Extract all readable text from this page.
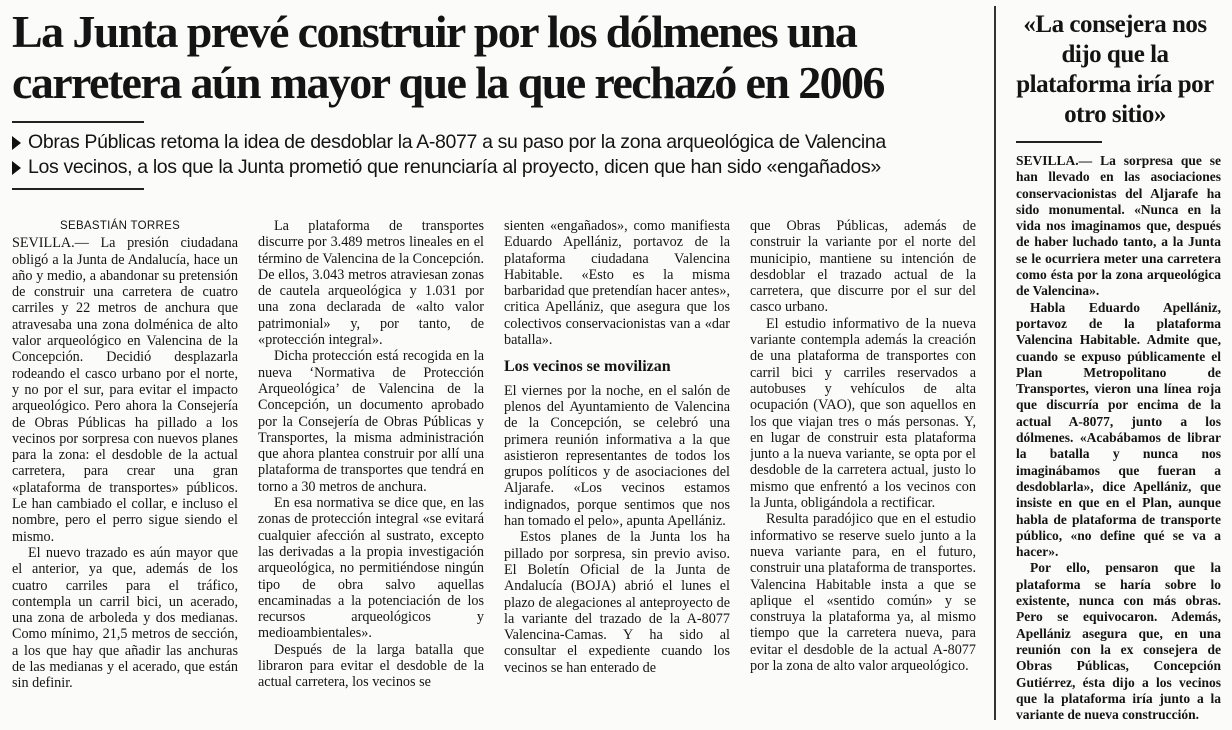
La Junta prevé construir por los dólmenes una
carretera aún mayor que la que rechazó en 2006
Obras Públicas retoma la idea de desdoblar la A-8077 a su paso por la zona arqueológica de Valencina
Los vecinos, a los que la Junta prometió que renunciaría al proyecto, dicen que han sido «engañados»
SEBASTIÁN TORRES

SEVILLA.— La presión ciudadana obligó a la Junta de Andalucía, hace un año y medio, a abandonar su pretensión de construir una carretera de cuatro carriles y 22 metros de anchura que atravesaba una zona dolménica de alto valor arqueológico en Valencina de la Concepción. Decidió desplazarla rodeando el casco urbano por el norte, y no por el sur, para evitar el impacto arqueológico. Pero ahora la Consejería de Obras Públicas ha pillado a los vecinos por sorpresa con nuevos planes para la zona: el desdoble de la actual carretera, para crear una gran «plataforma de transportes» públicos. Le han cambiado el collar, e incluso el nombre, pero el perro sigue siendo el mismo.

El nuevo trazado es aún mayor que el anterior, ya que, además de los cuatro carriles para el tráfico, contempla un carril bici, un acerado, una zona de arboleda y dos medianas. Como mínimo, 21,5 metros de sección, a los que hay que añadir las anchuras de las medianas y el acerado, que están sin definir.

La plataforma de transportes discurre por 3.489 metros lineales en el término de Valencina de la Concepción. De ellos, 3.043 metros atraviesan zonas de cautela arqueológica y 1.031 por una zona declarada de «alto valor patrimonial» y, por tanto, de «protección integral».

Dicha protección está recogida en la nueva ‘Normativa de Protección Arqueológica’ de Valencina de la Concepción, un documento aprobado por la Consejería de Obras Públicas y Transportes, la misma administración que ahora plantea construir por allí una plataforma de transportes que tendrá en torno a 30 metros de anchura.

En esa normativa se dice que, en las zonas de protección integral «se evitará cualquier afección al sustrato, excepto las derivadas a la propia investigación arqueológica, no permitiéndose ningún tipo de obra salvo aquellas encaminadas a la potenciación de los recursos arqueológicos y medioambientales».

Después de la larga batalla que libraron para evitar el desdoble de la actual carretera, los vecinos se

sienten «engañados», como manifiesta Eduardo Apellániz, portavoz de la plataforma ciudadana Valencina Habitable. «Esto es la misma barbaridad que pretendían hacer antes», critica Apellániz, que asegura que los colectivos conservacionistas van a «dar batalla».

Los vecinos se movilizan

El viernes por la noche, en el salón de plenos del Ayuntamiento de Valencina de la Concepción, se celebró una primera reunión informativa a la que asistieron representantes de todos los grupos políticos y de asociaciones del Aljarafe. «Los vecinos estamos indignados, porque sentimos que nos han tomado el pelo», apunta Apellániz.

Estos planes de la Junta los ha pillado por sorpresa, sin previo aviso. El Boletín Oficial de la Junta de Andalucía (BOJA) abrió el lunes el plazo de alegaciones al anteproyecto de la variante del trazado de la A-8077 Valencina-Camas. Y ha sido al consultar el expediente cuando los vecinos se han enterado de

que Obras Públicas, además de construir la variante por el norte del municipio, mantiene su intención de desdoblar el trazado actual de la carretera, que discurre por el sur del casco urbano.

El estudio informativo de la nueva variante contempla además la creación de una plataforma de transportes con carril bici y carriles reservados a autobuses y vehículos de alta ocupación (VAO), que son aquellos en los que viajan tres o más personas. Y, en lugar de construir esta plataforma junto a la nueva variante, se opta por el desdoble de la carretera actual, justo lo mismo que enfrentó a los vecinos con la Junta, obligándola a rectificar.

Resulta paradójico que en el estudio informativo se reserve suelo junto a la nueva variante para, en el futuro, construir una plataforma de transportes. Valencina Habitable insta a que se aplique el «sentido común» y se construya la plataforma ya, al mismo tiempo que la carretera nueva, para evitar el desdoble de la actual A-8077 por la zona de alto valor arqueológico.

«La consejera nos dijo que la plataforma iría por otro sitio»

SEVILLA.— La sorpresa que se han llevado en las asociaciones conservacionistas del Aljarafe ha sido monumental. «Nunca en la vida nos imaginamos que, después de haber luchado tanto, a la Junta se le ocurriera meter una carretera como ésta por la zona arqueológica de Valencina».

Habla Eduardo Apellániz, portavoz de la plataforma Valencina Habitable. Admite que, cuando se expuso públicamente el Plan Metropolitano de Transportes, vieron una línea roja que discurría por encima de la actual A-8077, junto a los dólmenes. «Acabábamos de librar la batalla y nunca nos imaginábamos que fueran a desdoblarla», dice Apellániz, que insiste en que en el Plan, aunque habla de plataforma de transporte público, «no define qué se va a hacer».

Por ello, pensaron que la plataforma se haría sobre lo existente, nunca con más obras. Pero se equivocaron. Además, Apellániz asegura que, en una reunión con la ex consejera de Obras Públicas, Concepción Gutiérrez, ésta dijo a los vecinos que la plataforma iría junto a la variante de nueva construcción.
